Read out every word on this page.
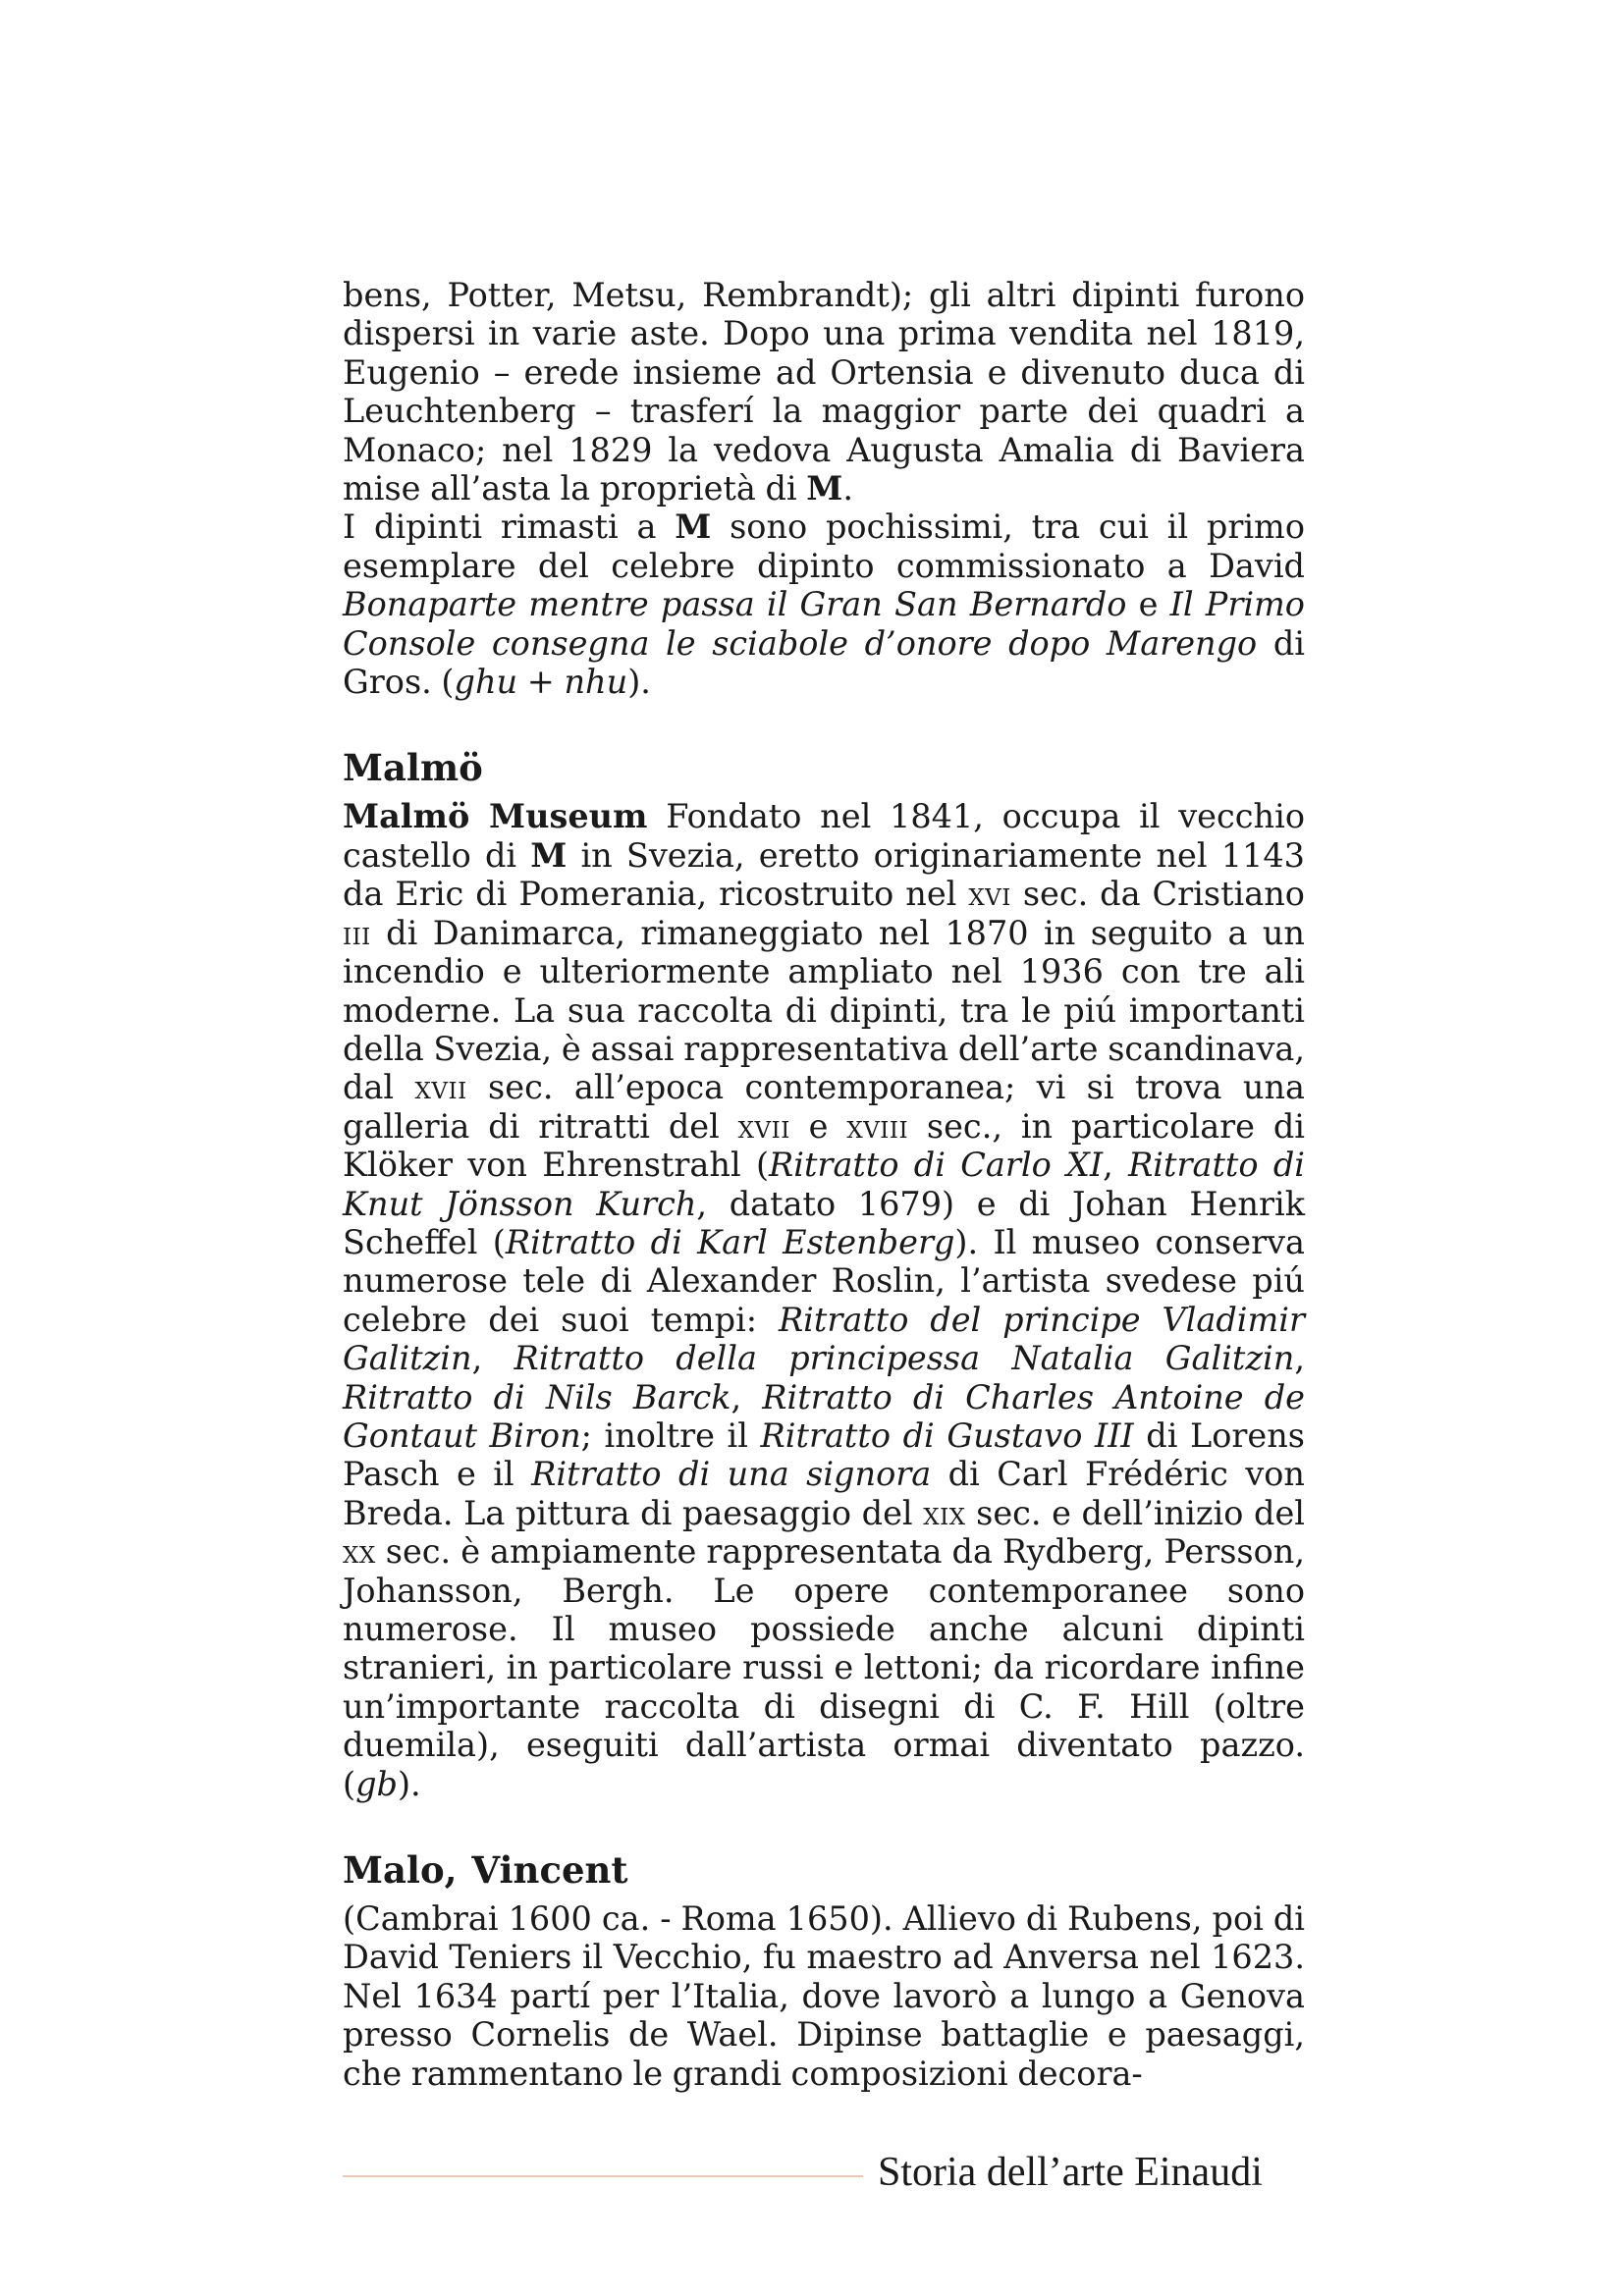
bens, Potter, Metsu, Rembrandt); gli altri dipinti furono dispersi in varie aste. Dopo una prima vendita nel 1819, Eugenio – erede insieme ad Ortensia e divenuto duca di Leuchtenberg – trasferí la maggior parte dei quadri a Monaco; nel 1829 la vedova Augusta Amalia di Baviera mise all’asta la proprietà di M.

I dipinti rimasti a M sono pochissimi, tra cui il primo esemplare del celebre dipinto commissionato a David Bonaparte mentre passa il Gran San Bernardo e Il Primo Console consegna le sciabole d’onore dopo Marengo di Gros. (ghu + nhu).

Malmö

Malmö Museum Fondato nel 1841, occupa il vecchio castello di M in Svezia, eretto originariamente nel 1143 da Eric di Pomerania, ricostruito nel xvi sec. da Cristiano iii di Danimarca, rimaneggiato nel 1870 in seguito a un incendio e ulteriormente ampliato nel 1936 con tre ali moderne. La sua raccolta di dipinti, tra le piú importanti della Svezia, è assai rappresentativa dell’arte scandinava, dal xvii sec. all’epoca contemporanea; vi si trova una galleria di ritratti del xvii e xviii sec., in particolare di Klöker von Ehrenstrahl (Ritratto di Carlo XI, Ritratto di Knut Jönsson Kurch, datato 1679) e di Johan Henrik Scheffel (Ritratto di Karl Estenberg). Il museo conserva numerose tele di Alexander Roslin, l’artista svedese piú celebre dei suoi tempi: Ritratto del principe Vladimir Galitzin, Ritratto della principessa Natalia Galitzin, Ritratto di Nils Barck, Ritratto di Charles Antoine de Gontaut Biron; inoltre il Ritratto di Gustavo III di Lorens Pasch e il Ritratto di una signora di Carl Frédéric von Breda. La pittura di paesaggio del xix sec. e dell’inizio del xx sec. è ampiamente rappresentata da Rydberg, Persson, Johansson, Bergh. Le opere contemporanee sono numerose. Il museo possiede anche alcuni dipinti stranieri, in particolare russi e lettoni; da ricordare infine un’importante raccolta di disegni di C. F. Hill (oltre duemila), eseguiti dall’artista ormai diventato pazzo. (gb).

Malo, Vincent

(Cambrai 1600 ca. - Roma 1650). Allievo di Rubens, poi di David Teniers il Vecchio, fu maestro ad Anversa nel 1623. Nel 1634 partí per l’Italia, dove lavorò a lungo a Genova presso Cornelis de Wael. Dipinse battaglie e paesaggi, che rammentano le grandi composizioni decora-

Storia dell’arte Einaudi
